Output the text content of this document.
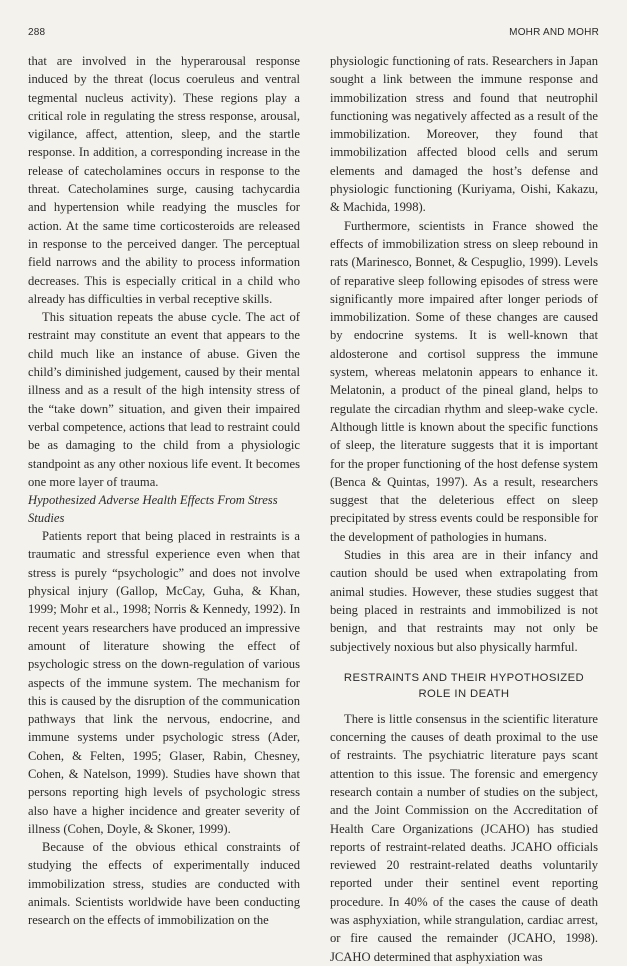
288	MOHR AND MOHR

that are involved in the hyperarousal response induced by the threat (locus coeruleus and ventral tegmental nucleus activity). These regions play a critical role in regulating the stress response, arousal, vigilance, affect, attention, sleep, and the startle response. In addition, a corresponding increase in the release of catecholamines occurs in response to the threat. Catecholamines surge, causing tachycardia and hypertension while readying the muscles for action. At the same time corticosteroids are released in response to the perceived danger. The perceptual field narrows and the ability to process information decreases. This is especially critical in a child who already has difficulties in verbal receptive skills.

This situation repeats the abuse cycle. The act of restraint may constitute an event that appears to the child much like an instance of abuse. Given the child’s diminished judgement, caused by their mental illness and as a result of the high intensity stress of the “take down” situation, and given their impaired verbal competence, actions that lead to restraint could be as damaging to the child from a physiologic standpoint as any other noxious life event. It becomes one more layer of trauma.

Hypothesized Adverse Health Effects From Stress Studies

Patients report that being placed in restraints is a traumatic and stressful experience even when that stress is purely “psychologic” and does not involve physical injury (Gallop, McCay, Guha, & Khan, 1999; Mohr et al., 1998; Norris & Kennedy, 1992). In recent years researchers have produced an impressive amount of literature showing the effect of psychologic stress on the down-regulation of various aspects of the immune system. The mechanism for this is caused by the disruption of the communication pathways that link the nervous, endocrine, and immune systems under psychologic stress (Ader, Cohen, & Felten, 1995; Glaser, Rabin, Chesney, Cohen, & Natelson, 1999). Studies have shown that persons reporting high levels of psychologic stress also have a higher incidence and greater severity of illness (Cohen, Doyle, & Skoner, 1999).

Because of the obvious ethical constraints of studying the effects of experimentally induced immobilization stress, studies are conducted with animals. Scientists worldwide have been conducting research on the effects of immobilization on the

physiologic functioning of rats. Researchers in Japan sought a link between the immune response and immobilization stress and found that neutrophil functioning was negatively affected as a result of the immobilization. Moreover, they found that immobilization affected blood cells and serum elements and damaged the host’s defense and physiologic functioning (Kuriyama, Oishi, Kakazu, & Machida, 1998).

Furthermore, scientists in France showed the effects of immobilization stress on sleep rebound in rats (Marinesco, Bonnet, & Cespuglio, 1999). Levels of reparative sleep following episodes of stress were significantly more impaired after longer periods of immobilization. Some of these changes are caused by endocrine systems. It is well-known that aldosterone and cortisol suppress the immune system, whereas melatonin appears to enhance it. Melatonin, a product of the pineal gland, helps to regulate the circadian rhythm and sleep-wake cycle. Although little is known about the specific functions of sleep, the literature suggests that it is important for the proper functioning of the host defense system (Benca & Quintas, 1997). As a result, researchers suggest that the deleterious effect on sleep precipitated by stress events could be responsible for the development of pathologies in humans.

Studies in this area are in their infancy and caution should be used when extrapolating from animal studies. However, these studies suggest that being placed in restraints and immobilized is not benign, and that restraints may not only be subjectively noxious but also physically harmful.

RESTRAINTS AND THEIR HYPOTHOSIZED
ROLE IN DEATH

There is little consensus in the scientific literature concerning the causes of death proximal to the use of restraints. The psychiatric literature pays scant attention to this issue. The forensic and emergency research contain a number of studies on the subject, and the Joint Commission on the Accreditation of Health Care Organizations (JCAHO) has studied reports of restraint-related deaths. JCAHO officials reviewed 20 restraint-related deaths voluntarily reported under their sentinel event reporting procedure. In 40% of the cases the cause of death was asphyxiation, while strangulation, cardiac arrest, or fire caused the remainder (JCAHO, 1998). JCAHO determined that asphyxiation was
